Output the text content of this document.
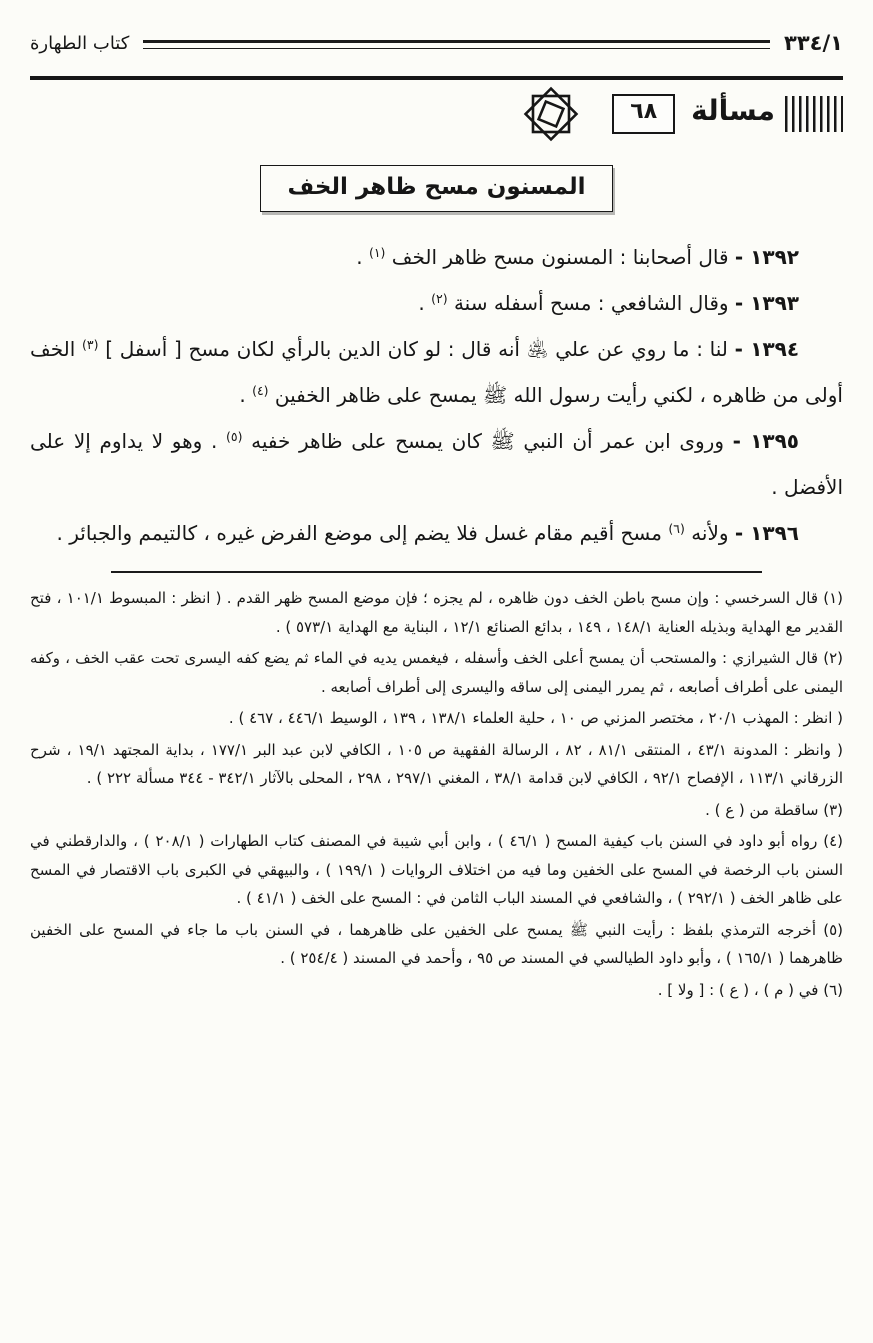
٣٣٤/١
كتاب الطهارة
مسألة
٦٨
المسنون مسح ظاهر الخف

١٣٩٢ - قال أصحابنا : المسنون مسح ظاهر الخف $^{(١)}$ .

١٣٩٣ - وقال الشافعي : مسح أسفله سنة $^{(٢)}$ .

١٣٩٤ - لنا : ما روي عن علي ﵁ أنه قال : لو كان الدين بالرأي لكان مسح [ أسفل ] $^{(٣)}$ الخف أولى من ظاهره ، لكني رأيت رسول الله ﷺ يمسح على ظاهر الخفين $^{(٤)}$ .

١٣٩٥ - وروى ابن عمر أن النبي ﷺ كان يمسح على ظاهر خفيه $^{(٥)}$ . وهو لا يداوم إلا على الأفضل .

١٣٩٦ - ولأنه $^{(٦)}$ مسح أقيم مقام غسل فلا يضم إلى موضع الفرض غيره ، كالتيمم والجبائر .

(١) قال السرخسي : وإن مسح باطن الخف دون ظاهره ، لم يجزه ؛ فإن موضع المسح ظهر القدم . ( انظر : المبسوط ١٠١/١ ، فتح القدير مع الهداية وبذيله العناية ١٤٨/١ ، ١٤٩ ، بدائع الصنائع ١٢/١ ، البناية مع الهداية ٥٧٣/١ ) .

(٢) قال الشيرازي : والمستحب أن يمسح أعلى الخف وأسفله ، فيغمس يديه في الماء ثم يضع كفه اليسرى تحت عقب الخف ، وكفه اليمنى على أطراف أصابعه ، ثم يمرر اليمنى إلى ساقه واليسرى إلى أطراف أصابعه .

( انظر : المهذب ٢٠/١ ، مختصر المزني ص ١٠ ، حلية العلماء ١٣٨/١ ، ١٣٩ ، الوسيط ٤٤٦/١ ، ٤٦٧ ) .

( وانظر : المدونة ٤٣/١ ، المنتقى ٨١/١ ، ٨٢ ، الرسالة الفقهية ص ١٠٥ ، الكافي لابن عبد البر ١٧٧/١ ، بداية المجتهد ١٩/١ ، شرح الزرقاني ١١٣/١ ، الإفصاح ٩٢/١ ، الكافي لابن قدامة ٣٨/١ ، المغني ٢٩٧/١ ، ٢٩٨ ، المحلى بالآثار ٣٤٢/١ - ٣٤٤ مسألة ٢٢٢ ) .

(٣) ساقطة من ( ع ) .

(٤) رواه أبو داود في السنن باب كيفية المسح ( ٤٦/١ ) ، وابن أبي شيبة في المصنف كتاب الطهارات ( ٢٠٨/١ ) ، والدارقطني في السنن باب الرخصة في المسح على الخفين وما فيه من اختلاف الروايات ( ١٩٩/١ ) ، والبيهقي في الكبرى باب الاقتصار في المسح على ظاهر الخف ( ٢٩٢/١ ) ، والشافعي في المسند الباب الثامن في : المسح على الخف ( ٤١/١ ) .

(٥) أخرجه الترمذي بلفظ : رأيت النبي ﷺ يمسح على الخفين على ظاهرهما ، في السنن باب ما جاء في المسح على الخفين ظاهرهما ( ١٦٥/١ ) ، وأبو داود الطيالسي في المسند ص ٩٥ ، وأحمد في المسند ( ٢٥٤/٤ ) .

(٦) في ( م ) ، ( ع ) : [ ولا ] .
